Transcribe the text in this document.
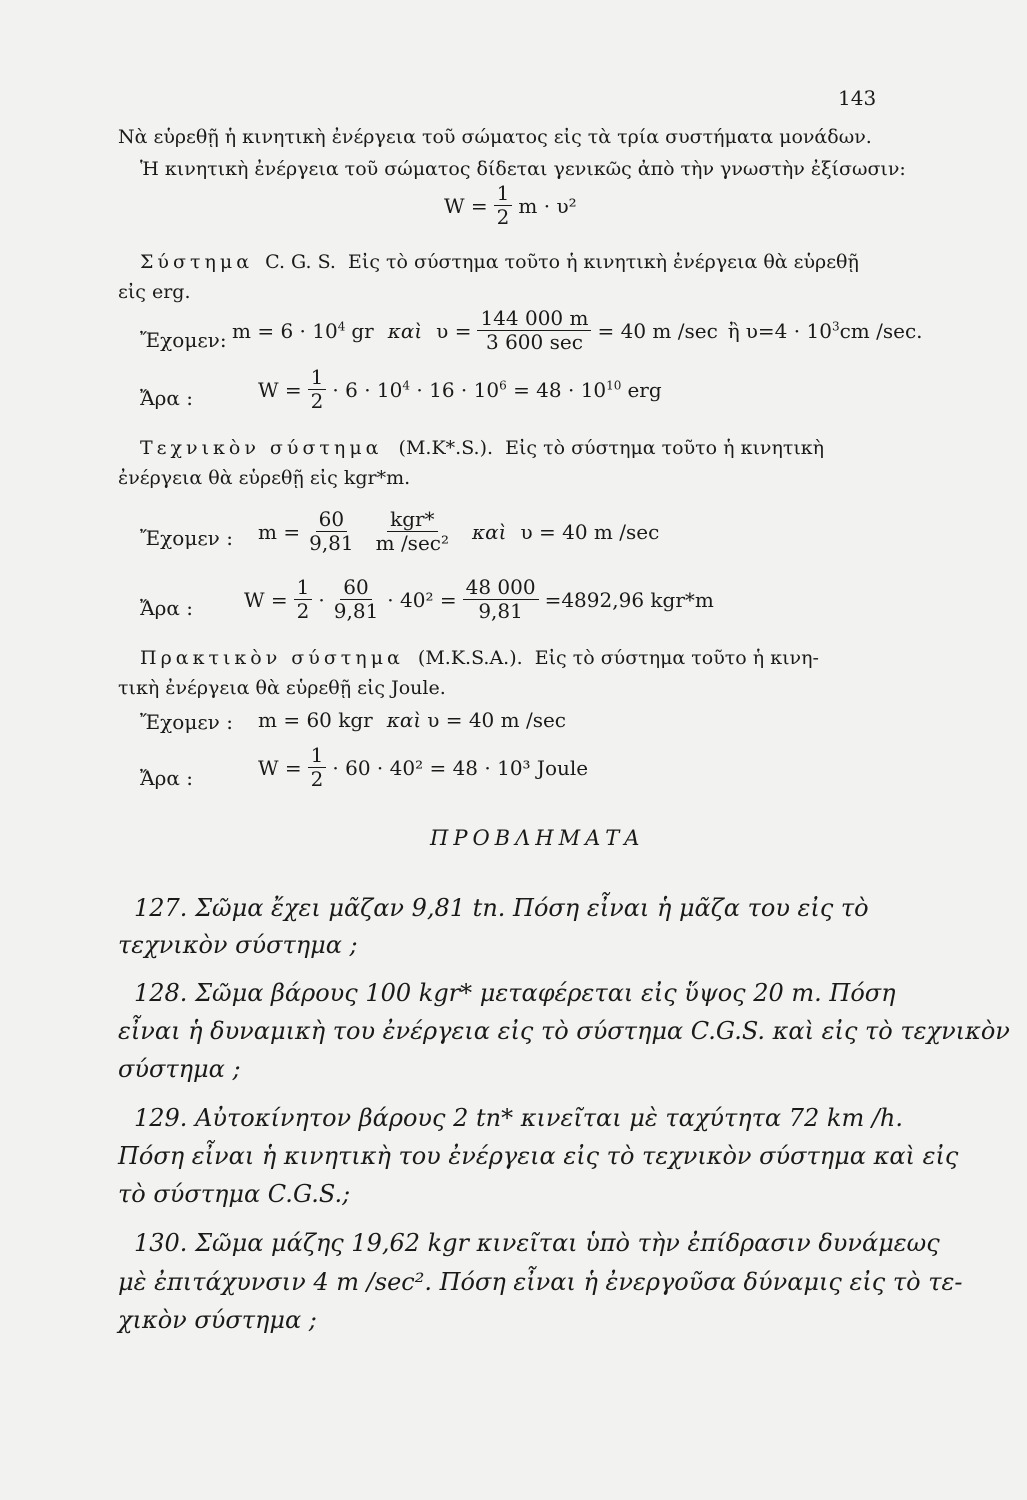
143
Νὰ εὑρεθῇ ἡ κινητικὴ ἐνέργεια τοῦ σώματος εἰς τὰ τρία συστήματα μονάδων.
Ἡ κινητικὴ ἐνέργεια τοῦ σώματος δίδεται γενικῶς ἀπὸ τὴν γνωστὴν ἐξίσωσιν:
$W = \frac{1}{2}$ m · υ²
Σύστημα C. G. S. Εἰς τὸ σύστημα τοῦτο ἡ κινητικὴ ἐνέργεια θὰ εὑρεθῇ
εἰς erg.
Ἔχομεν: $m = 6 \cdot 10^4$ gr καὶ υ =
144 000 m
3 600 sec = 40 m /sec ἢ $\upsilon=4 \cdot 10^3cm$ /sec.
Ἄρα :	$W = \frac{1}{2} \cdot 6 \cdot 10^4 \cdot 16 \cdot 10^6 = 48 \cdot 10^{10}$ erg
Τεχνικὸν σύστημα (M.K*.S.). Εἰς τὸ σύστημα τοῦτο ἡ κινητικὴ
ἐνέργεια θὰ εὑρεθῇ εἰς kgr*m.
Ἔχομεν : $m = \frac{60}{9,81} kgr*$
m /sec² καὶ υ = 40 m /sec
Ἄρα :	$W = \frac{1}{2} \cdot \frac{60}{9,81} \cdot 40^2 = \frac{48 000}{9,81} =4892,96$ kgr*m
Πρακτικὸν σύστημα (M.K.S.A.). Εἰς τὸ σύστημα τοῦτο ἡ κινη-
τικὴ ἐνέργεια θὰ εὑρεθῇ εἰς Joule.
Ἔχομεν : m = 60 kgr καὶ υ = 40 m /sec
Ἄρα :	$W = \frac{1}{2} \cdot 60 \cdot 40^2 = 48 \cdot 10^3$ Joule
ΠΡΟΒΛΗΜΑΤΑ
127. Σῶμα ἔχει μᾶζαν 9,81 tn. Πόση εἶναι ἡ μᾶζα του εἰς τὸ
τεχνικὸν σύστημα ;
128. Σῶμα βάρους 100 kgr* μεταφέρεται εἰς ὕψος 20 m. Πόση
εἶναι ἡ δυναμικὴ του ἐνέργεια εἰς τὸ σύστημα C.G.S. καὶ εἰς τὸ τεχνικὸν
σύστημα ;
129. Αὐτοκίνητον βάρους 2 tn* κινεῖται μὲ ταχύτητα 72 km /h.
Πόση εἶναι ἡ κινητικὴ του ἐνέργεια εἰς τὸ τεχνικὸν σύστημα καὶ εἰς
τὸ σύστημα C.G.S.;
130. Σῶμα μάζης 19,62 kgr κινεῖται ὑπὸ τὴν ἐπίδρασιν δυνάμεως
μὲ ἐπιτάχυνσιν 4 m /sec². Πόση εἶναι ἡ ἐνεργοῦσα δύναμις εἰς τὸ τε-
χικὸν σύστημα ;
